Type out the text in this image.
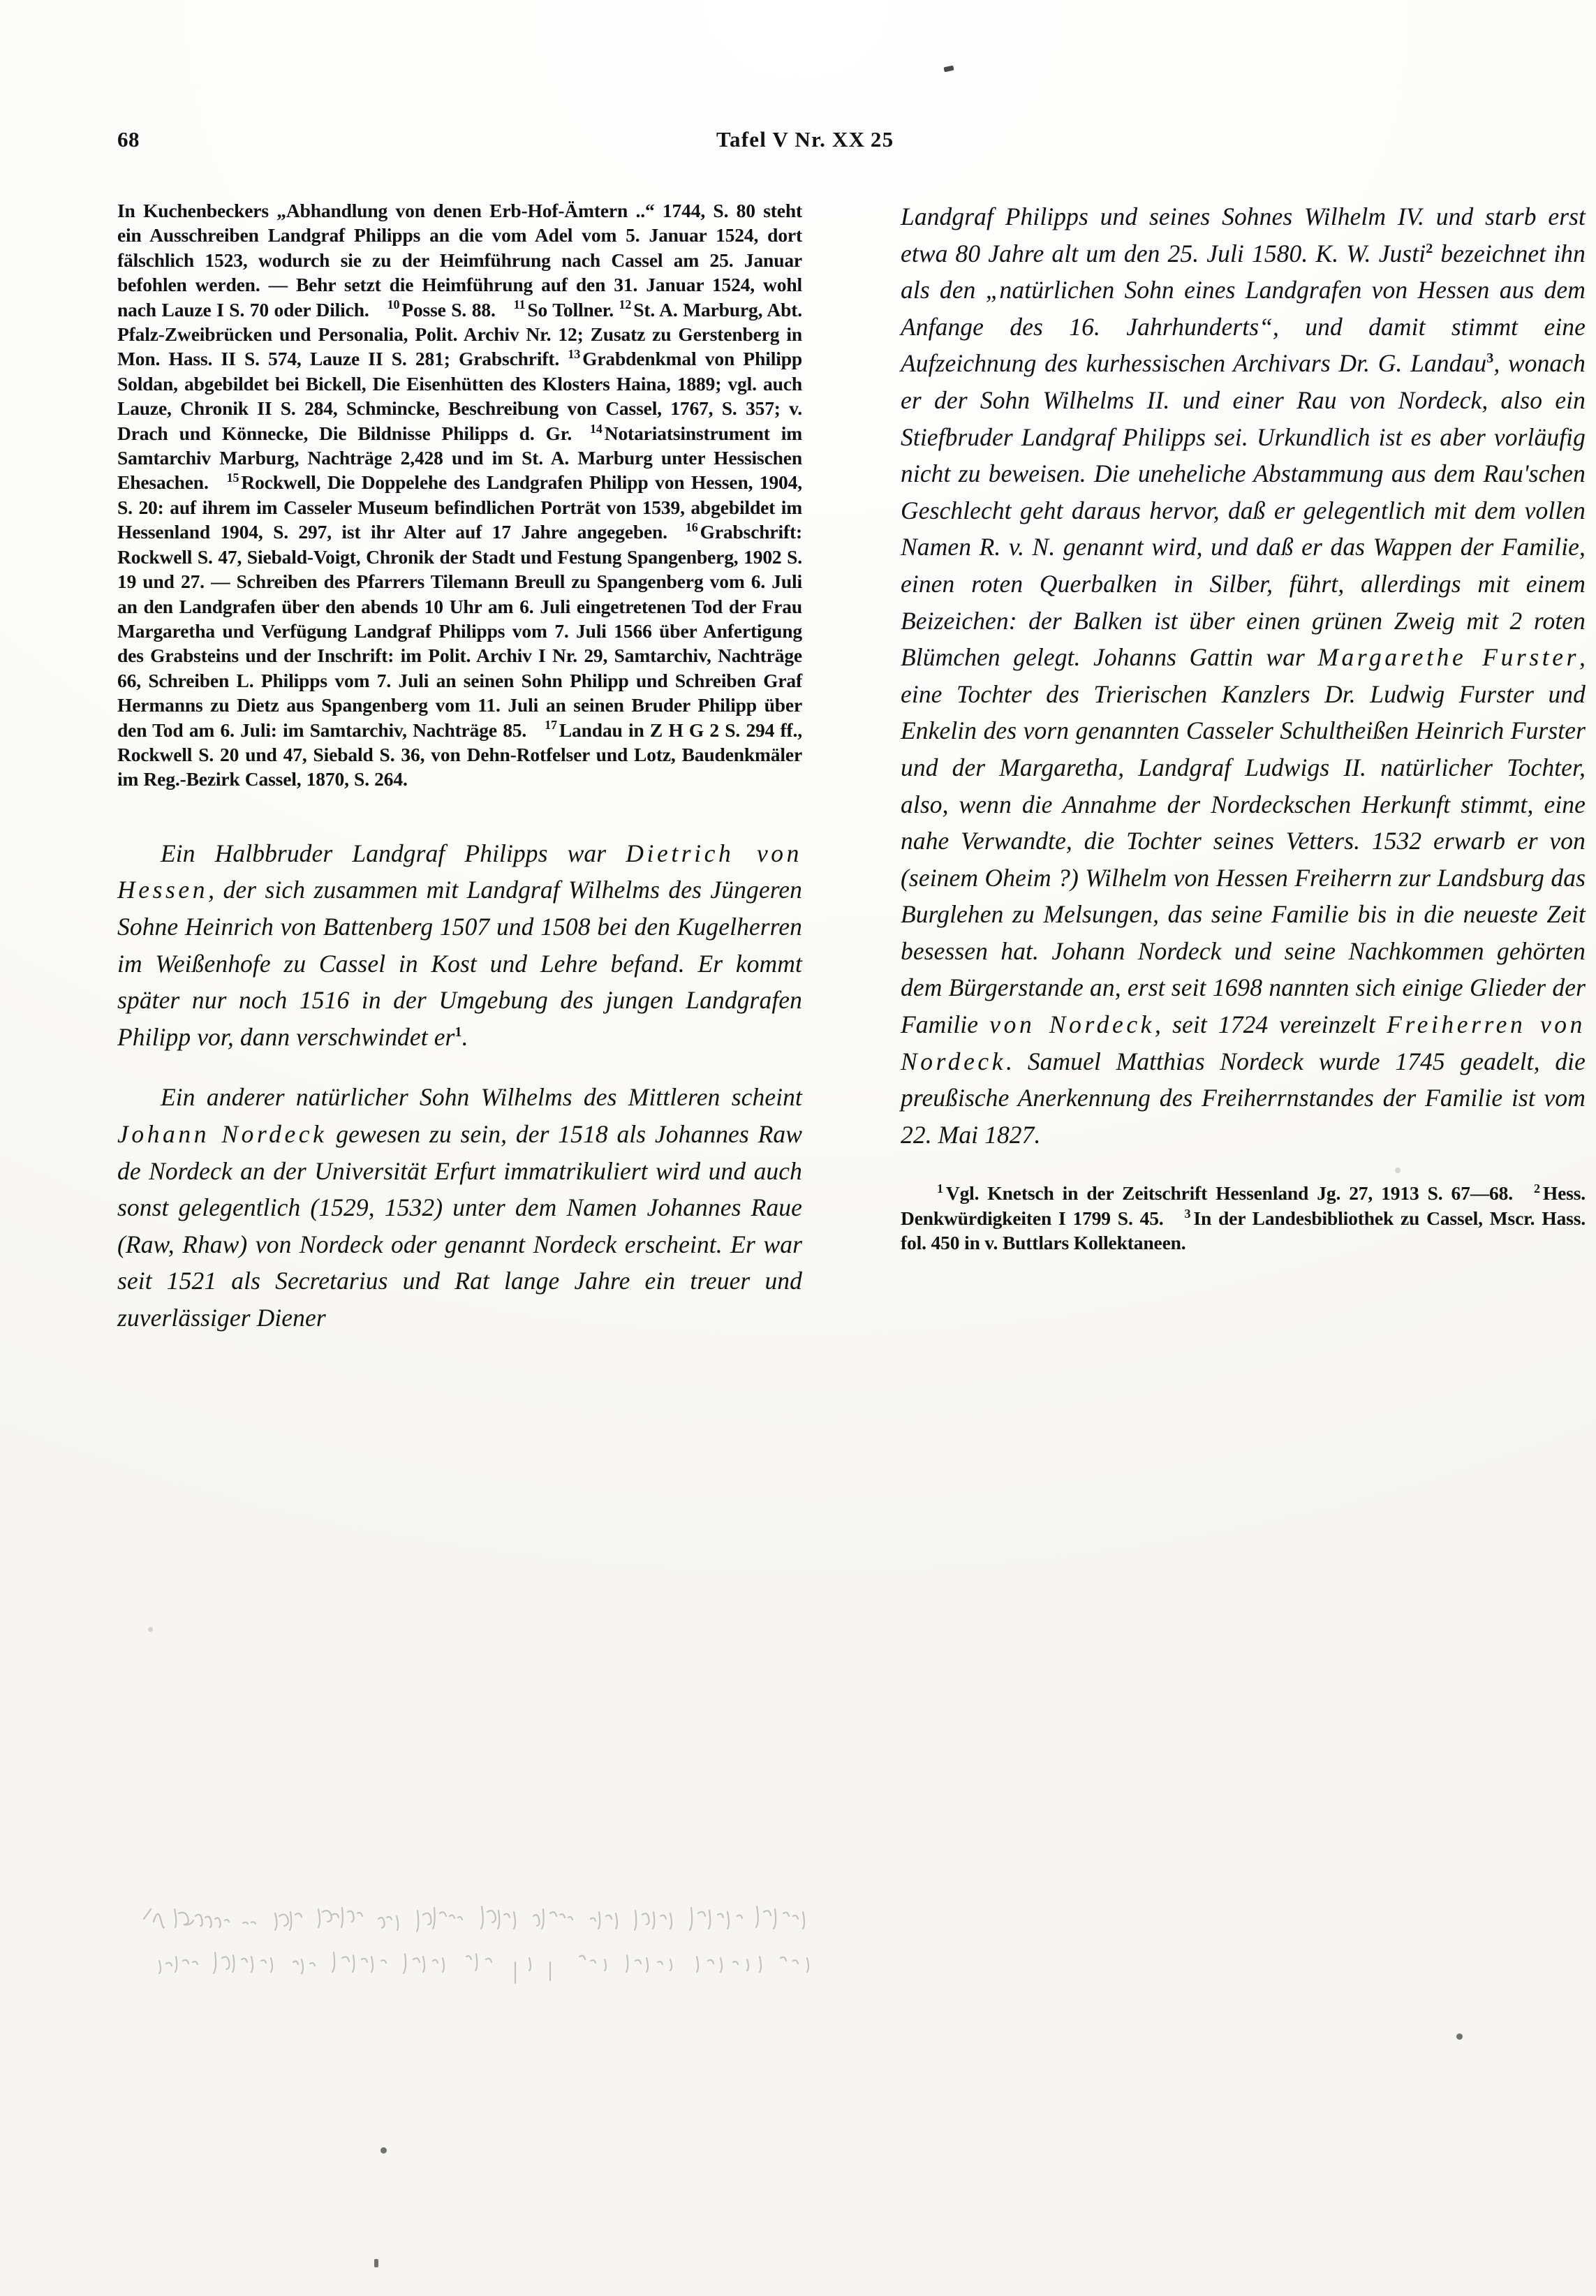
68	Tafel V Nr. XX 25
In Kuchenbeckers „Abhandlung von denen Erb-Hof-Ämtern ..“ 1744, S. 80 steht ein Ausschreiben Landgraf Philipps an die vom Adel vom 5. Januar 1524, dort fälschlich 1523, wodurch sie zu der Heimführung nach Cassel am 25. Januar befohlen werden. — Behr setzt die Heimführung auf den 31. Januar 1524, wohl nach Lauze I S. 70 oder Dilich. $^{10}$ Posse S. 88. $^{11}$ So Tollner. $^{12}$ St. A. Marburg, Abt. Pfalz-Zweibrücken und Personalia, Polit. Archiv Nr. 12; Zusatz zu Gerstenberg in Mon. Hass. II S. 574, Lauze II S. 281; Grabschrift. $^{13}$ Grabdenkmal von Philipp Soldan, abgebildet bei Bickell, Die Eisenhütten des Klosters Haina, 1889; vgl. auch Lauze, Chronik II S. 284, Schmincke, Beschreibung von Cassel, 1767, S. 357; v. Drach und Könnecke, Die Bildnisse Philipps d. Gr. $^{14}$ Notariatsinstrument im Samtarchiv Marburg, Nachträge 2,428 und im St. A. Marburg unter Hessischen Ehesachen. $^{15}$ Rockwell, Die Doppelehe des Landgrafen Philipp von Hessen, 1904, S. 20: auf ihrem im Casseler Museum befindlichen Porträt von 1539, abgebildet im Hessenland 1904, S. 297, ist ihr Alter auf 17 Jahre angegeben. $^{16}$ Grabschrift: Rockwell S. 47, Siebald-Voigt, Chronik der Stadt und Festung Spangenberg, 1902 S. 19 und 27. — Schreiben des Pfarrers Tilemann Breull zu Spangenberg vom 6. Juli an den Landgrafen über den abends 10 Uhr am 6. Juli eingetretenen Tod der Frau Margaretha und Verfügung Landgraf Philipps vom 7. Juli 1566 über Anfertigung des Grabsteins und der Inschrift: im Polit. Archiv I Nr. 29, Samtarchiv, Nachträge 66, Schreiben L. Philipps vom 7. Juli an seinen Sohn Philipp und Schreiben Graf Hermanns zu Dietz aus Spangenberg vom 11. Juli an seinen Bruder Philipp über den Tod am 6. Juli: im Samtarchiv, Nachträge 85. $^{17}$ Landau in Z H G 2 S. 294 ff., Rockwell S. 20 und 47, Siebald S. 36, von Dehn-Rotfelser und Lotz, Baudenkmäler im Reg.-Bezirk Cassel, 1870, S. 264.

Ein Halbbruder Landgraf Philipps war Dietrich von Hessen, der sich zusammen mit Landgraf Wilhelms des Jüngeren Sohne Heinrich von Battenberg 1507 und 1508 bei den Kugelherren im Weißenhofe zu Cassel in Kost und Lehre befand. Er kommt später nur noch 1516 in der Umgebung des jungen Landgrafen Philipp vor, dann verschwindet $er^1$.

Ein anderer natürlicher Sohn Wilhelms des Mittleren scheint Johann Nordeck gewesen zu sein, der 1518 als Johannes Raw de Nordeck an der Universität Erfurt immatrikuliert wird und auch sonst gelegentlich (1529, 1532) unter dem Namen Johannes Raue (Raw, Rhaw) von Nordeck oder genannt Nordeck erscheint. Er war seit 1521 als Secretarius und Rat lange Jahre ein treuer und zuverlässiger Diener

Landgraf Philipps und seines Sohnes Wilhelm IV. und starb erst etwa 80 Jahre alt um den 25. Juli 1580. K. W. Justi$^2$ bezeichnet ihn als den „natürlichen Sohn eines Landgrafen von Hessen aus dem Anfange des 16. Jahrhunderts“, und damit stimmt eine Aufzeichnung des kurhessischen Archivars Dr. G. Landau$^3$, wonach er der Sohn Wilhelms II. und einer Rau von Nordeck, also ein Stiefbruder Landgraf Philipps sei. Urkundlich ist es aber vorläufig nicht zu beweisen. Die uneheliche Abstammung aus dem Rau'schen Geschlecht geht daraus hervor, daß er gelegentlich mit dem vollen Namen R. v. N. genannt wird, und daß er das Wappen der Familie, einen roten Querbalken in Silber, führt, allerdings mit einem Beizeichen: der Balken ist über einen grünen Zweig mit 2 roten Blümchen gelegt. Johanns Gattin war Margarethe Furster, eine Tochter des Trierischen Kanzlers Dr. Ludwig Furster und Enkelin des vorn genannten Casseler Schultheißen Heinrich Furster und der Margaretha, Landgraf Ludwigs II. natürlicher Tochter, also, wenn die Annahme der Nordeckschen Herkunft stimmt, eine nahe Verwandte, die Tochter seines Vetters. 1532 erwarb er von (seinem Oheim ?) Wilhelm von Hessen Freiherrn zur Landsburg das Burglehen zu Melsungen, das seine Familie bis in die neueste Zeit besessen hat. Johann Nordeck und seine Nachkommen gehörten dem Bürgerstande an, erst seit 1698 nannten sich einige Glieder der Familie von Nordeck, seit 1724 vereinzelt Freiherren von Nordeck. Samuel Matthias Nordeck wurde 1745 geadelt, die preußische Anerkennung des Freiherrnstandes der Familie ist vom 22. Mai 1827.

$^1$ Vgl. Knetsch in der Zeitschrift Hessenland Jg. 27, 1913 S. 67—68. $^2$ Hess. Denkwürdigkeiten I 1799 S. 45. $^3$ In der Landesbibliothek zu Cassel, Mscr. Hass. fol. 450 in v. Buttlars Kollektaneen.
